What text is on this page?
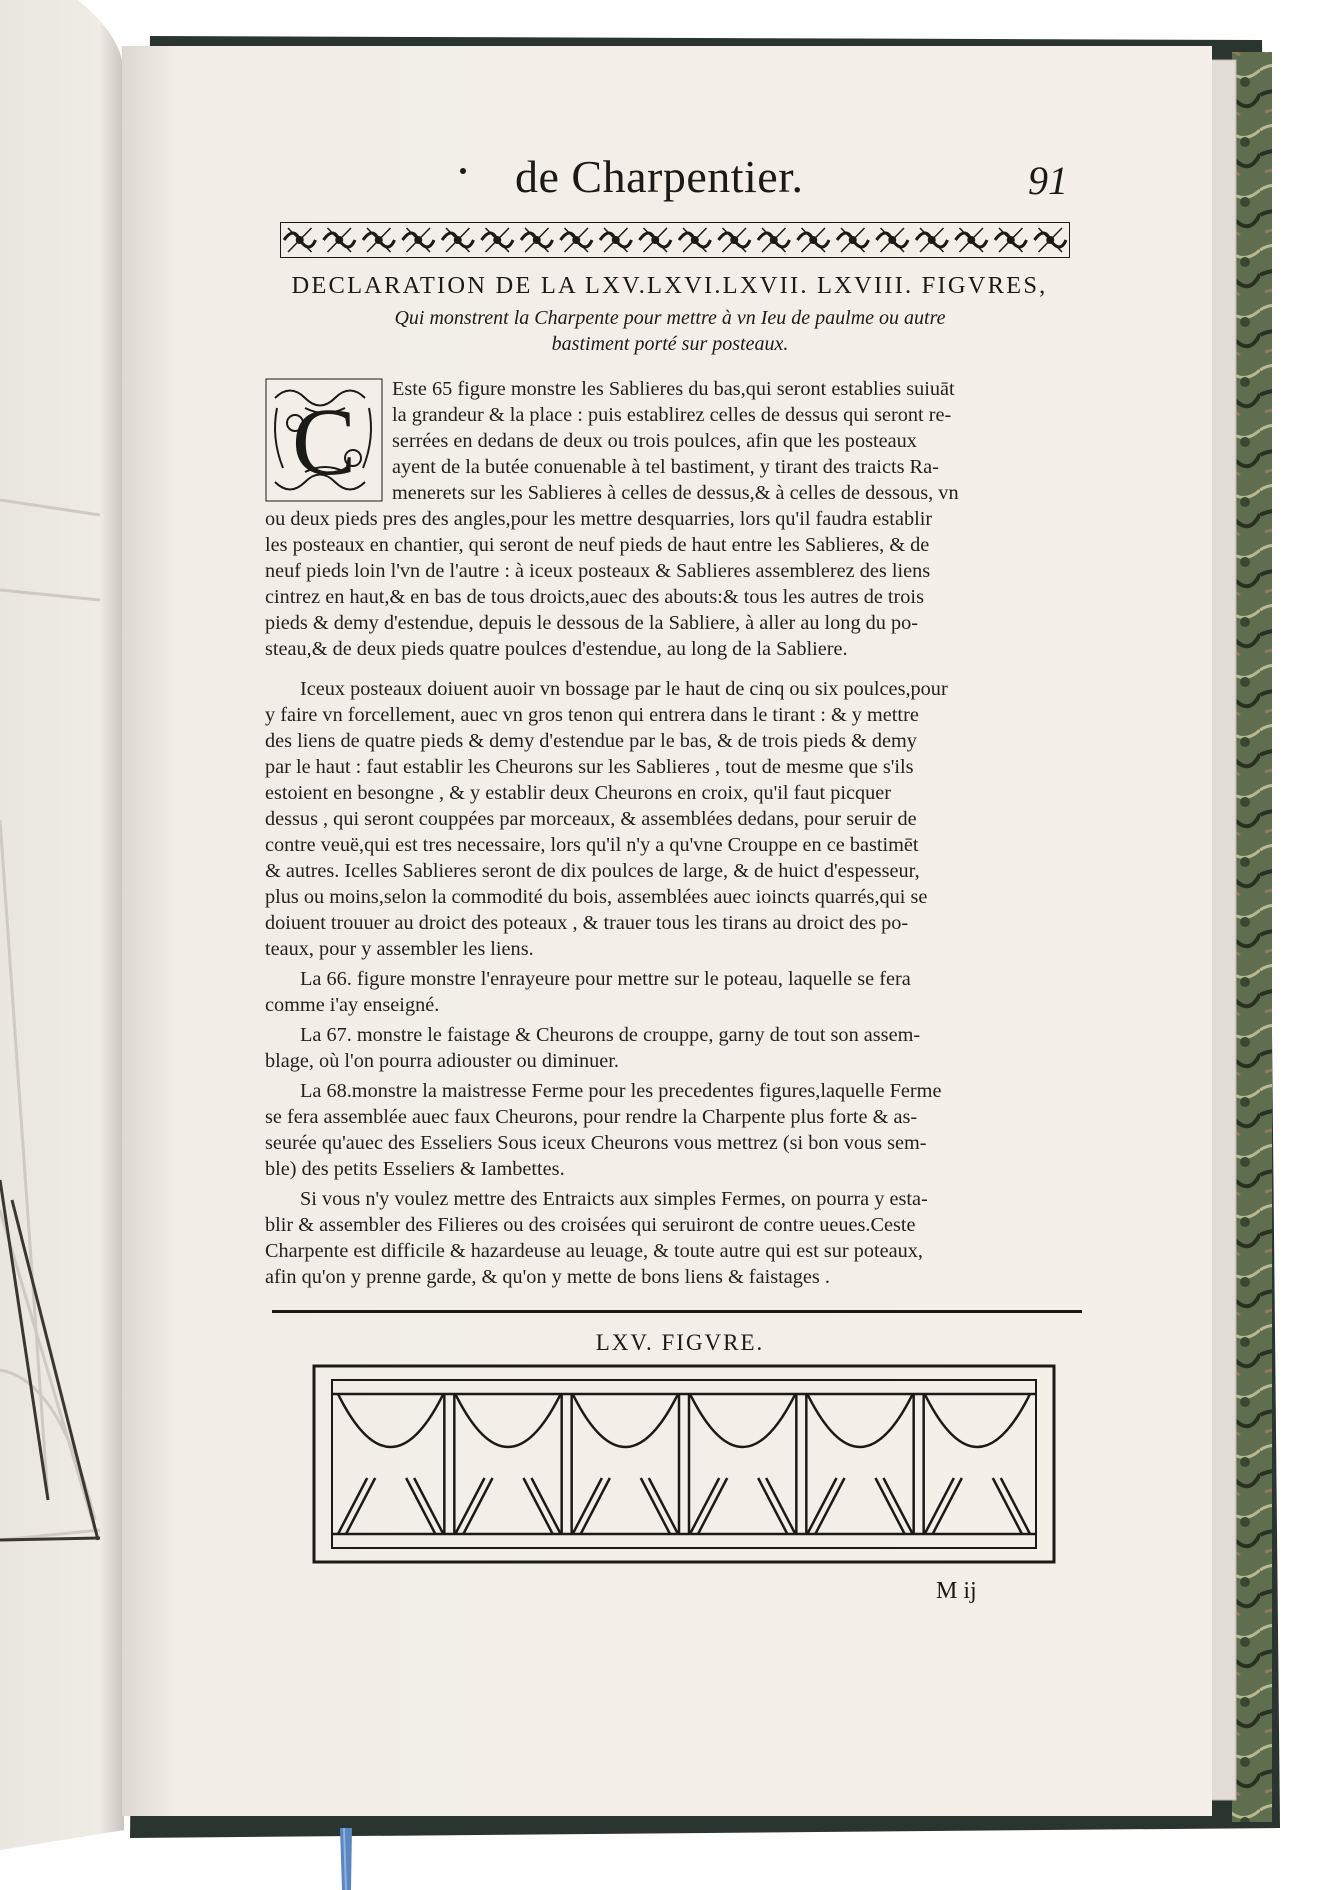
de Charpentier.	91
DECLARATION DE LA LXV.LXVI.LXVII. LXVIII. FIGVRES,
Qui monstrent la Charpente pour mettre à vn Ieu de paulme ou autre
bastiment porté sur posteaux.
C Este 65 figure monstre les Sablieres du bas,qui seront establies suiuāt
la grandeur & la place : puis establirez celles de dessus qui seront re-
serrées en dedans de deux ou trois poulces, afin que les posteaux
ayent de la butée conuenable à tel bastiment, y tirant des traicts Ra-
menerets sur les Sablieres à celles de dessus,& à celles de dessous, vn
ou deux pieds pres des angles,pour les mettre desquarries, lors qu'il faudra establir
les posteaux en chantier, qui seront de neuf pieds de haut entre les Sablieres, & de
neuf pieds loin l'vn de l'autre : à iceux posteaux & Sablieres assemblerez des liens
cintrez en haut,& en bas de tous droicts,auec des abouts:& tous les autres de trois
pieds & demy d'estendue, depuis le dessous de la Sabliere, à aller au long du po-
steau,& de deux pieds quatre poulces d'estendue, au long de la Sabliere.
Iceux posteaux doiuent auoir vn bossage par le haut de cinq ou six poulces,pour
y faire vn forcellement, auec vn gros tenon qui entrera dans le tirant : & y mettre
des liens de quatre pieds & demy d'estendue par le bas, & de trois pieds & demy
par le haut : faut establir les Cheurons sur les Sablieres , tout de mesme que s'ils
estoient en besongne , & y establir deux Cheurons en croix, qu'il faut picquer
dessus , qui seront couppées par morceaux, & assemblées dedans, pour seruir de
contre veuë,qui est tres necessaire, lors qu'il n'y a qu'vne Crouppe en ce bastimēt
& autres. Icelles Sablieres seront de dix poulces de large, & de huict d'espesseur,
plus ou moins,selon la commodité du bois, assemblées auec ioincts quarrés,qui se
doiuent trouuer au droict des poteaux , & trauer tous les tirans au droict des po-
teaux, pour y assembler les liens.
La 66. figure monstre l'enrayeure pour mettre sur le poteau, laquelle se fera
comme i'ay enseigné.
La 67. monstre le faistage & Cheurons de crouppe, garny de tout son assem-
blage, où l'on pourra adiouster ou diminuer.
La 68.monstre la maistresse Ferme pour les precedentes figures,laquelle Ferme
se fera assemblée auec faux Cheurons, pour rendre la Charpente plus forte & as-
seurée qu'auec des Esseliers Sous iceux Cheurons vous mettrez (si bon vous sem-
ble) des petits Esseliers & Iambettes.
Si vous n'y voulez mettre des Entraicts aux simples Fermes, on pourra y esta-
blir & assembler des Filieres ou des croisées qui seruiront de contre ueues.Ceste
Charpente est difficile & hazardeuse au leuage, & toute autre qui est sur poteaux,
afin qu'on y prenne garde, & qu'on y mette de bons liens & faistages .
LXV. FIGVRE.
M ij
